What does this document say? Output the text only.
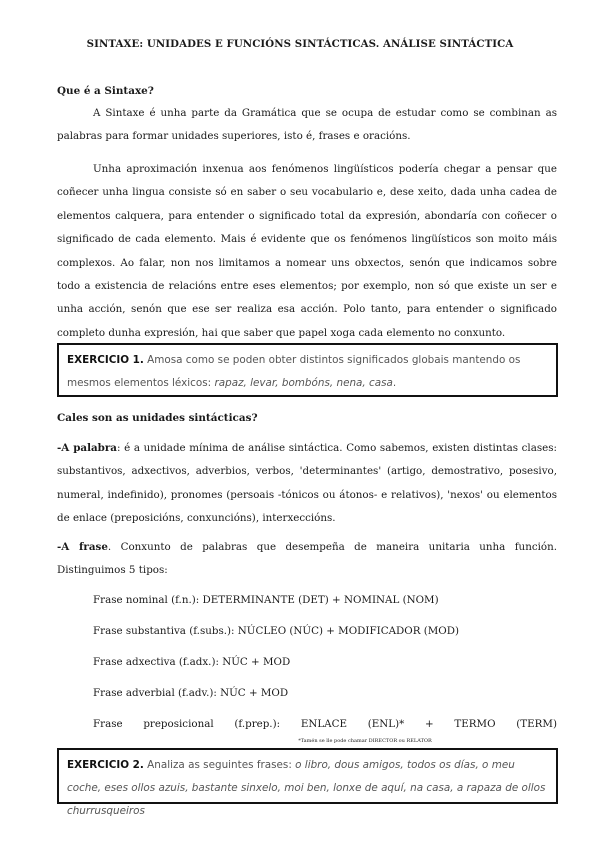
SINTAXE: UNIDADES E FUNCIÓNS SINTÁCTICAS. ANÁLISE SINTÁCTICA
Que é a Sintaxe?
A Sintaxe é unha parte da Gramática que se ocupa de estudar como se combinan as palabras para formar unidades superiores, isto é, frases e oracións.
Unha aproximación inxenua aos fenómenos lingüísticos podería chegar a pensar que coñecer unha lingua consiste só en saber o seu vocabulario e, dese xeito, dada unha cadea de elementos calquera, para entender o significado total da expresión, abondaría con coñecer o significado de cada elemento. Mais é evidente que os fenómenos lingüísticos son moito máis complexos. Ao falar, non nos limitamos a nomear uns obxectos, senón que indicamos sobre todo a existencia de relacións entre eses elementos; por exemplo, non só que existe un ser e unha acción, senón que ese ser realiza esa acción. Polo tanto, para entender o significado completo dunha expresión, hai que saber que papel xoga cada elemento no conxunto.
EXERCICIO 1. Amosa como se poden obter distintos significados globais mantendo os mesmos elementos léxicos: rapaz, levar, bombóns, nena, casa.
Cales son as unidades sintácticas?
-A palabra: é a unidade mínima de análise sintáctica. Como sabemos, existen distintas clases: substantivos, adxectivos, adverbios, verbos, 'determinantes' (artigo, demostrativo, posesivo, numeral, indefinido), pronomes (persoais -tónicos ou átonos- e relativos), 'nexos' ou elementos de enlace (preposicións, conxuncións), interxeccións.
-A frase. Conxunto de palabras que desempeña de maneira unitaria unha función. Distinguimos 5 tipos:
Frase nominal (f.n.): DETERMINANTE (DET) + NOMINAL (NOM)
Frase substantiva (f.subs.): NÚCLEO (NÚC) + MODIFICADOR (MOD)
Frase adxectiva (f.adx.): NÚC + MOD
Frase adverbial (f.adv.): NÚC + MOD
Frase preposicional (f.prep.): ENLACE (ENL)* + TERMO (TERM)
*Tamén se lle pode chamar DIRECTOR ou RELATOR
EXERCICIO 2. Analiza as seguintes frases: o libro, dous amigos, todos os días, o meu coche, eses ollos azuis, bastante sinxelo, moi ben, lonxe de aquí, na casa, a rapaza de ollos churrusqueiros
